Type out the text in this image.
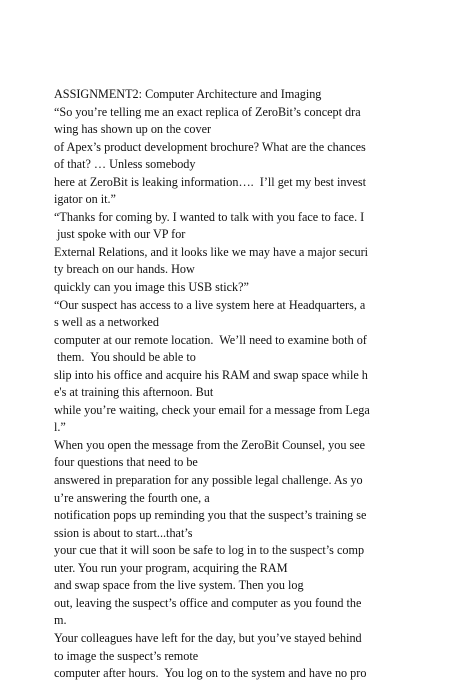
ASSIGNMENT2: Computer Architecture and Imaging
“So you’re telling me an exact replica of ZeroBit’s concept dra
wing has shown up on the cover
of Apex’s product development brochure? What are the chances
of that? … Unless somebody
here at ZeroBit is leaking information….  I’ll get my best invest
igator on it.”
“Thanks for coming by. I wanted to talk with you face to face. I
just spoke with our VP for
External Relations, and it looks like we may have a major securi
ty breach on our hands. How
quickly can you image this USB stick?”
“Our suspect has access to a live system here at Headquarters, a
s well as a networked
computer at our remote location.  We’ll need to examine both of
them.  You should be able to
slip into his office and acquire his RAM and swap space while h
e's at training this afternoon. But
while you’re waiting, check your email for a message from Lega
l.”
When you open the message from the ZeroBit Counsel, you see
four questions that need to be
answered in preparation for any possible legal challenge. As yo
u’re answering the fourth one, a
notification pops up reminding you that the suspect’s training se
ssion is about to start...that’s
your cue that it will soon be safe to log in to the suspect’s comp
uter. You run your program, acquiring the RAM
and swap space from the live system. Then you log
out, leaving the suspect’s office and computer as you found the
m.
Your colleagues have left for the day, but you’ve stayed behind
to image the suspect’s remote
computer after hours.  You log on to the system and have no pro
